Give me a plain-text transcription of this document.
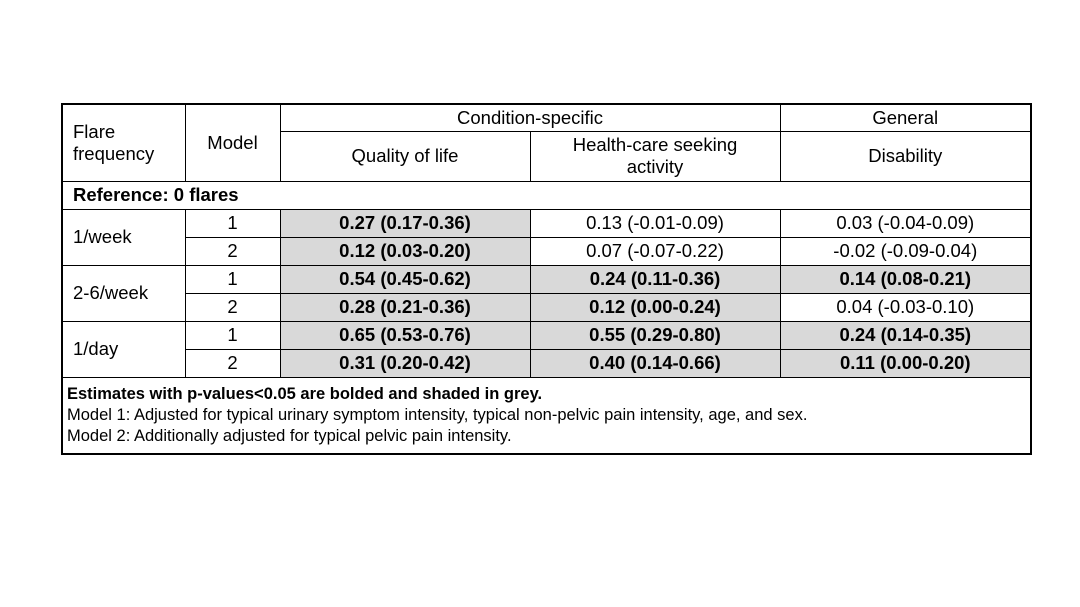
Flare frequency	Model	Condition-specific		General
		Quality of life	Health-care seeking activity	Disability
Reference: 0 flares				
1/week	1	0.27 (0.17-0.36)	0.13 (-0.01-0.09)	0.03 (-0.04-0.09)
	2	0.12 (0.03-0.20)	0.07 (-0.07-0.22)	-0.02 (-0.09-0.04)
2-6/week	1	0.54 (0.45-0.62)	0.24 (0.11-0.36)	0.14 (0.08-0.21)
	2	0.28 (0.21-0.36)	0.12 (0.00-0.24)	0.04 (-0.03-0.10)
1/day	1	0.65 (0.53-0.76)	0.55 (0.29-0.80)	0.24 (0.14-0.35)
	2	0.31 (0.20-0.42)	0.40 (0.14-0.66)	0.11 (0.00-0.20)

Estimates with p-values<0.05 are bolded and shaded in grey.
Model 1: Adjusted for typical urinary symptom intensity, typical non-pelvic pain intensity, age, and sex.
Model 2: Additionally adjusted for typical pelvic pain intensity.				
